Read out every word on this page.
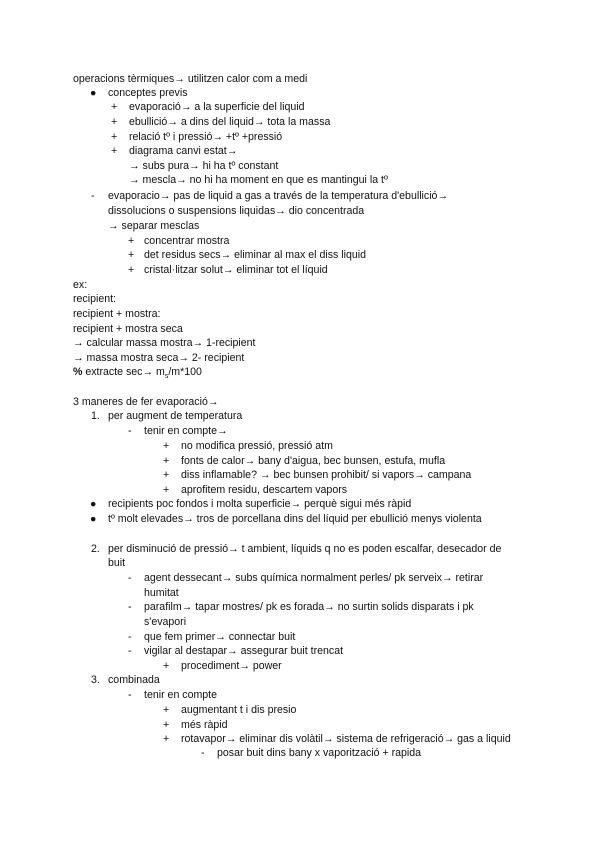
operacions tèrmiques→ utilitzen calor com a medi
● conceptes previs
+ evaporació→ a la superficie del liquid
+ ebullició→ a dins del liquid→ tota la massa
+ relació tº i pressió→ +tº +pressió
+ diagrama canvi estat→
→ subs pura→ hi ha tº constant
→ mescla→ no hi ha moment en que es mantingui la tº
- evaporacio→ pas de liquid a gas a través de la temperatura d'ebullició→
dissolucions o suspensions liquidas→ dio concentrada
→ separar mesclas
+ concentrar mostra
+ det residus secs→ eliminar al max el diss liquid
+ cristal·litzar solut→ eliminar tot el líquid
ex:
recipient:
recipient + mostra:
recipient + mostra seca
→ calcular massa mostra→ 1-recipient
→ massa mostra seca→ 2- recipient
% extracte $\sec\to m_s/m*100$
3 maneres de fer evaporació→
1. per augment de temperatura
- tenir en compte→
+ no modifica pressió, pressió atm
+ fonts de calor→ bany d'aigua, bec bunsen, estufa, mufla
+ diss inflamable? → bec bunsen prohibit/ si vapors→ campana
+ aprofitem residu, descartem vapors
● recipients poc fondos i molta superficie→ perquè sigui més ràpid
● tº molt elevades→ tros de porcellana dins del líquid per ebullició menys violenta
2. per disminució de pressió→ t ambient, líquids q no es poden escalfar, desecador de
buit
- agent dessecant→ subs química normalment perles/ pk serveix→ retirar
humitat
- parafilm→ tapar mostres/ pk es forada→ no surtin solids disparats i pk
s'evapori
- que fem primer→ connectar buit
- vigilar al destapar→ assegurar buit trencat
+ procediment→ power
3. combinada
- tenir en compte
+ augmentant t i dis presio
+ més ràpid
+ rotavapor→ eliminar dis volàtil→ sistema de refrigeració→ gas a liquid
- posar buit dins bany x vaporització + rapida
